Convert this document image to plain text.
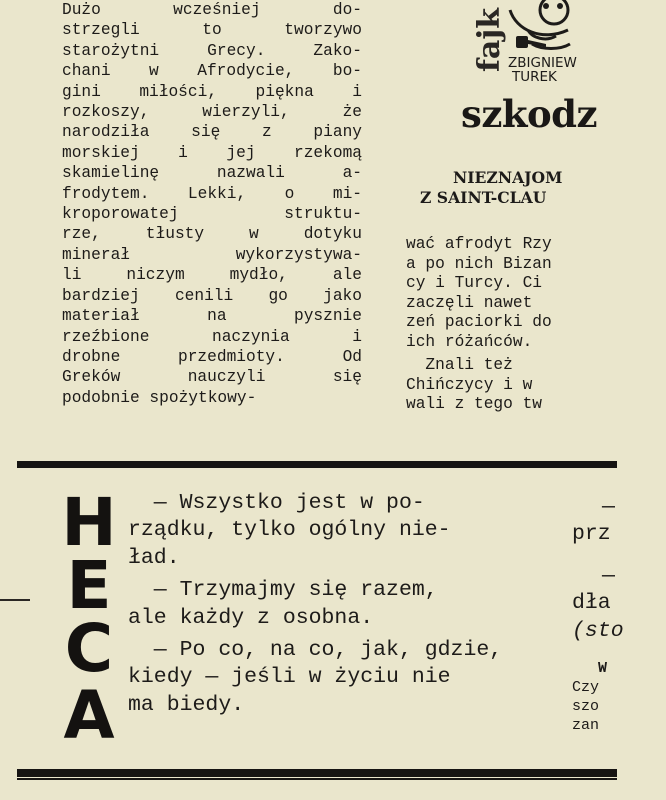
Dużo wcześniej do-
strzegli to tworzywo
starożytni Grecy. Zako-
chani w Afrodycie, bo-
gini miłości, piękna i
rozkoszy, wierzyli, że
narodziła się z piany
morskiej i jej rzekomą
skamielinę nazwali a-
frodytem. Lekki, o mi-
kroporowatej struktu-
rze, tłusty w dotyku
minerał wykorzystywa-
li niczym mydło, ale
bardziej cenili go jako
materiał na pysznie
rzeźbione naczynia i
drobne przedmioty. Od
Greków nauczyli się
podobnie spożytkowy-
fajk ZBIGNIEW
TUREK
szkodz
NIEZNAJOM
Z SAINT-CLAU
wać afrodyt Rzy
a po nich Bizan
cy i Turcy. Ci
zaczęli nawet
zeń paciorki do
ich różańców.
Znali też
Chińczycy i w
wali z tego tw
H
E
C
A
— Wszystko jest w po-
rządku, tylko ogólny nie-
ład.
— Trzymajmy się razem,
ale każdy z osobna.
— Po co, na co, jak, gdzie,
kiedy — jeśli w życiu nie
ma biedy.
—
prz
—
dła
(sto
W
Czy
szo
zan
